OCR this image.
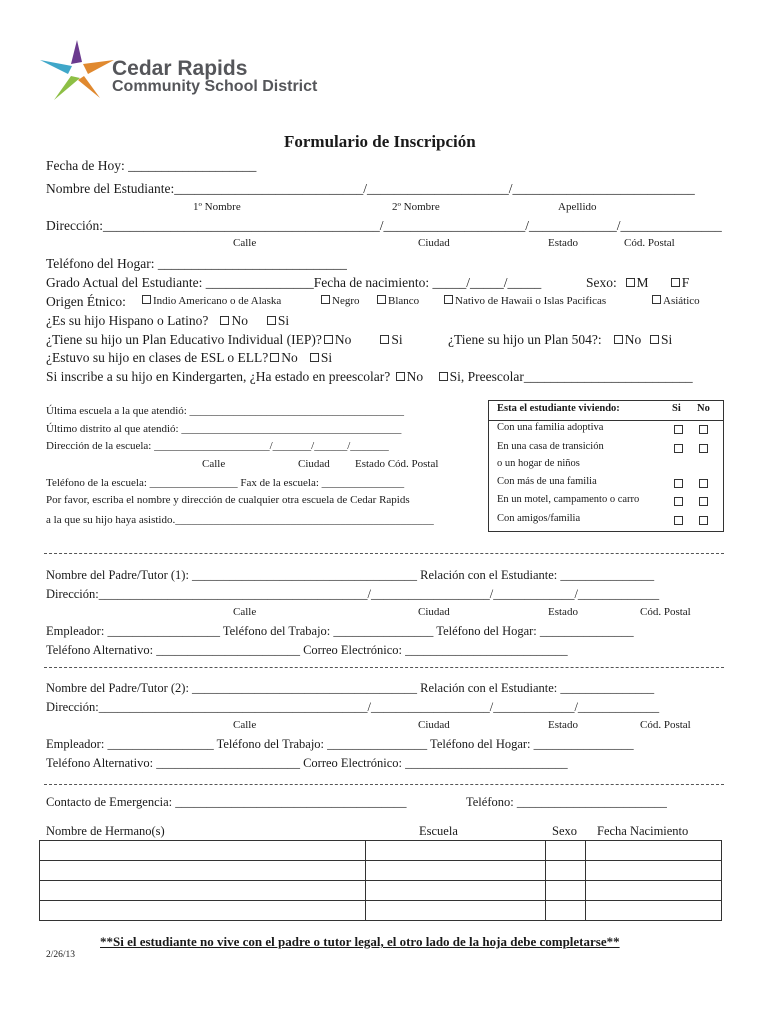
Cedar Rapids
Community School District
Formulario de Inscripción
Fecha de Hoy: ___________________
Nombre del Estudiante:____________________________/_____________________/___________________________
1º Nombre	2º Nombre	Apellido
Dirección:_________________________________________/_____________________/_____________/_______________
Calle	Ciudad	Estado	Cód. Postal
Teléfono del Hogar: ____________________________
Grado Actual del Estudiante: ________________Fecha de nacimiento: _____/_____/_____	Sexo: M F
Origen Étnico:	Indio Americano o de Alaska	Negro	Blanco	Nativo de Hawaii o Islas Pacificas	Asiático
¿Es su hijo Hispano o Latino? No Si
¿Tiene su hijo un Plan Educativo Individual (IEP)? No	Si	¿Tiene su hijo un Plan 504?: No Si
¿Estuvo su hijo en clases de ESL o ELL? No Si
Si inscribe a su hijo en Kindergarten, ¿Ha estado en preescolar? No Si, Preescolar_________________________
Última escuela a la que atendió: _______________________________________
Último distrito al que atendió: ________________________________________
Dirección de la escuela: _____________________/_______/______/_______
Calle	Ciudad Estado Cód. Postal
Teléfono de la escuela: ________________ Fax de la escuela: _______________
Por favor, escriba el nombre y dirección de cualquier otra escuela de Cedar Rapids
a la que su hijo haya asistido._______________________________________________
Esta el estudiante viviendo:	Si No
Con una familia adoptiva
En una casa de transición
o un hogar de niños
Con más de una familia
En un motel, campamento o carro
Con amigos/familia
Nombre del Padre/Tutor (1): ____________________________________ Relación con el Estudiante: _______________
Dirección:___________________________________________/___________________/_____________/_____________
Calle	Ciudad	Estado	Cód. Postal
Empleador: __________________ Teléfono del Trabajo: ________________ Teléfono del Hogar: _______________
Teléfono Alternativo: _______________________ Correo Electrónico: __________________________
Nombre del Padre/Tutor (2): ____________________________________ Relación con el Estudiante: _______________
Dirección:___________________________________________/___________________/_____________/_____________
Calle	Ciudad	Estado	Cód. Postal
Empleador: _________________ Teléfono del Trabajo: ________________ Teléfono del Hogar: ________________
Teléfono Alternativo: _______________________ Correo Electrónico: __________________________
Contacto de Emergencia: _____________________________________	Teléfono: ________________________
Nombre de Hermano(s)	Escuela	Sexo Fecha Nacimiento

**Si el estudiante no vive con el padre o tutor legal, el otro lado de la hoja debe completarse**
2/26/13
